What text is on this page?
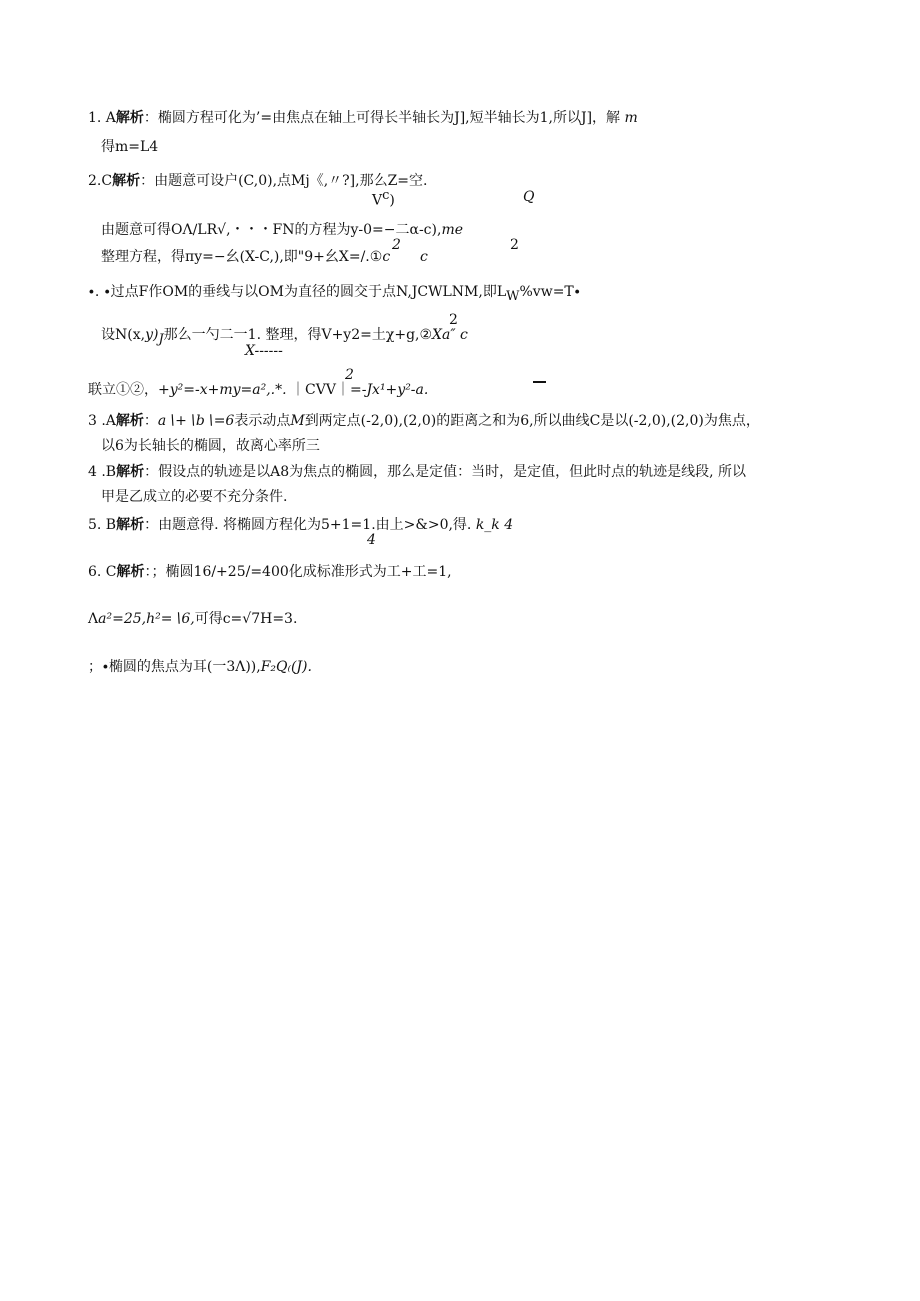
1. A解析：椭圆方程可化为’=由焦点在轴上可得长半轴长为J],短半轴长为1,所以J]，解 m
得m=L4
2.C解析：由题意可设户(C,0),点Mj《,〃?],那么Z=空.
$V^c$)	Q
由题意可得OΛ∕LR√,・・・FN的方程为y-0=−二α-c),me
整理方程，得πy=−幺(X-C,),即"9+幺X=/.①c
2
c
2
∙. ∙过点F作OM的垂线与以OM为直径的圆交于点N,JCWLNM,即$L_W\%vw=T\cdot$
2
设$N(x,y)_J$那么一勺二一1. 整理，得V+y2=土χ+g,②Xa″ c
X------
2
联立①②，+y²=-x+my=a²,.*. ｜CVV｜=-Jx¹+y²-a.
3 .A解析：a∖+∖b∖=6表示动点M到两定点(-2,0),(2,0)的距离之和为6,所以曲线C是以(-2,0),(2,0)为焦点，
以6为长轴长的椭圆，故离心率所三
4 .B解析：假设点的轨迹是以A8为焦点的椭圆，那么是定值：当时，是定值，但此时点的轨迹是线段, 所以
甲是乙成立的必要不充分条件.
5. B解析：由题意得. 将椭圆方程化为5+1=1.由上>&>0,得. k_k 4
4
6. C解析：；椭圆16/+25/=400化成标准形式为工+工=1,
Λa²=25,h²=∖6,可得c=√7H=3.
；∙椭圆的焦点为耳(一3Λ)),F₂Q₍(J).
